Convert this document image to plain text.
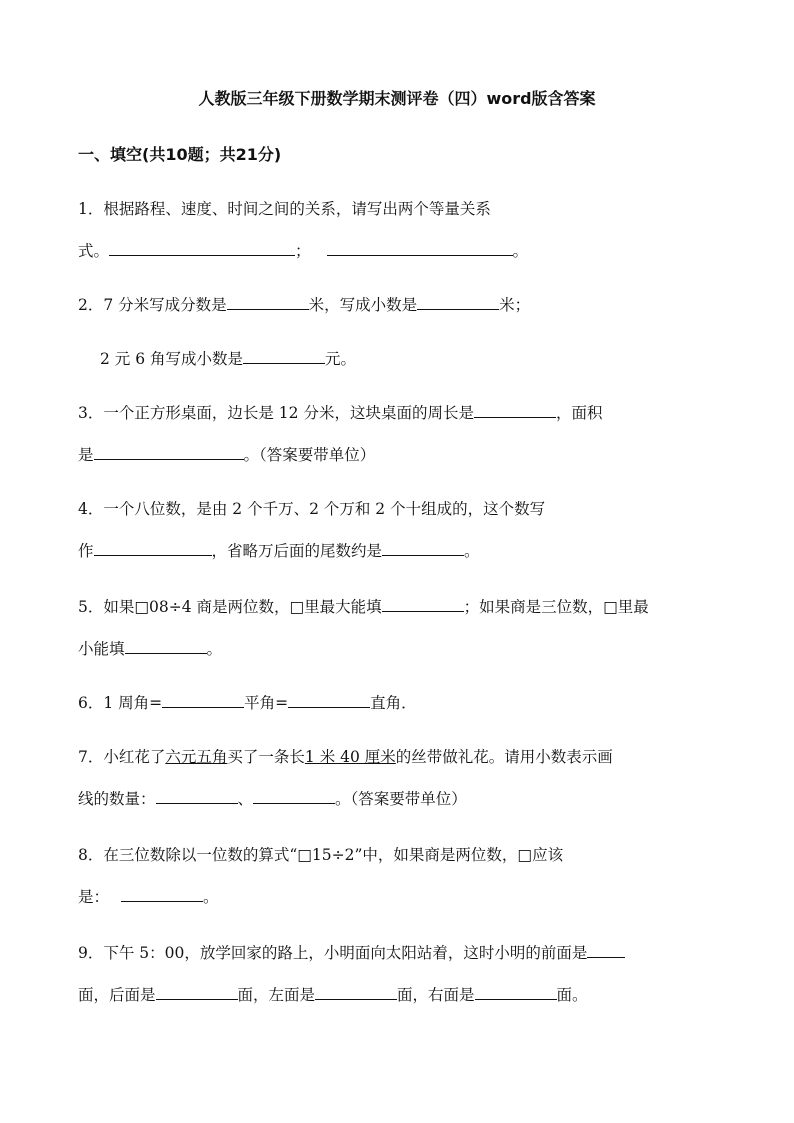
人教版三年级下册数学期末测评卷（四）word版含答案
一、填空(共10题；共21分)
1．根据路程、速度、时间之间的关系，请写出两个等量关系
式。	；	。
2．7 分米写成分数是	米，写成小数是	米；
2 元 6 角写成小数是	元。
3．一个正方形桌面，边长是 12 分米，这块桌面的周长是	，面积
是	。（答案要带单位）
4．一个八位数，是由 2 个千万、2 个万和 2 个十组成的，这个数写
作	，省略万后面的尾数约是	。
5．如果□08÷4 商是两位数，□里最大能填	；如果商是三位数，□里最
小能填	。
6．1 周角=	平角=	直角．
7．小红花了六元五角买了一条长1 米 40 厘米的丝带做礼花。请用小数表示画
线的数量：	、	。（答案要带单位）
8．在三位数除以一位数的算式“□15÷2”中，如果商是两位数，□应该
是：	。
9．下午 5：00，放学回家的路上，小明面向太阳站着，这时小明的前面是
面，后面是	面，左面是	面，右面是	面。
